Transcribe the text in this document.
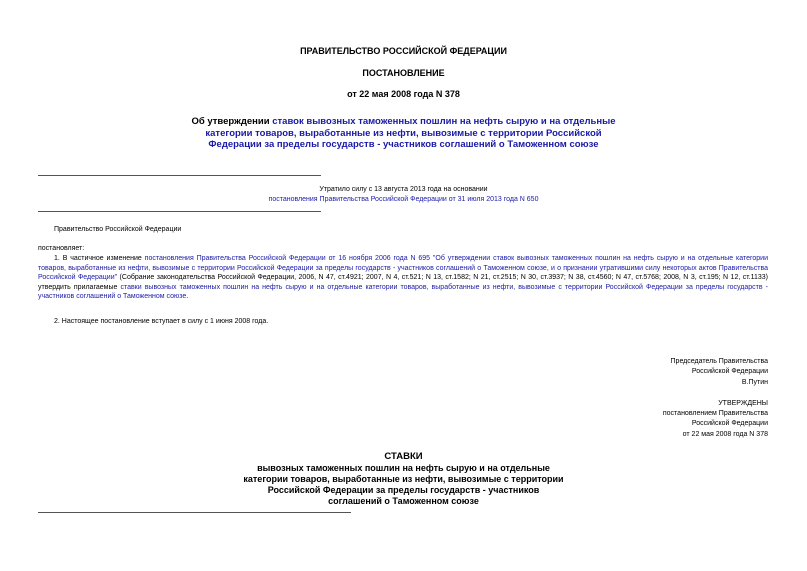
ПРАВИТЕЛЬСТВО РОССИЙСКОЙ ФЕДЕРАЦИИ
ПОСТАНОВЛЕНИЕ
от 22 мая 2008 года N 378
Об утверждении ставок вывозных таможенных пошлин на нефть сырую и на отдельные категории товаров, выработанные из нефти, вывозимые с территории Российской Федерации за пределы государств - участников соглашений о Таможенном союзе
Утратило силу с 13 августа 2013 года на основании
постановления Правительства Российской Федерации от 31 июля 2013 года N 650
Правительство Российской Федерации
постановляет:
1. В частичное изменение постановления Правительства Российской Федерации от 16 ноября 2006 года N 695 "Об утверждении ставок вывозных таможенных пошлин на нефть сырую и на отдельные категории товаров, выработанные из нефти, вывозимые с территории Российской Федерации за пределы государств - участников соглашений о Таможенном союзе, и о признании утратившими силу некоторых актов Правительства Российской Федерации" (Собрание законодательства Российской Федерации, 2006, N 47, ст.4921; 2007, N 4, ст.521; N 13, ст.1582; N 21, ст.2515; N 30, ст.3937; N 38, ст.4560; N 47, ст.5768; 2008, N 3, ст.195; N 12, ст.1133) утвердить прилагаемые ставки вывозных таможенных пошлин на нефть сырую и на отдельные категории товаров, выработанные из нефти, вывозимые с территории Российской Федерации за пределы государств - участников соглашений о Таможенном союзе.
2. Настоящее постановление вступает в силу с 1 июня 2008 года.
Председатель Правительства
Российской Федерации
В.Путин
УТВЕРЖДЕНЫ
постановлением Правительства
Российской Федерации
от 22 мая 2008 года N 378
СТАВКИ
вывозных таможенных пошлин на нефть сырую и на отдельные
категории товаров, выработанные из нефти, вывозимые с территории
Российской Федерации за пределы государств - участников
соглашений о Таможенном союзе
